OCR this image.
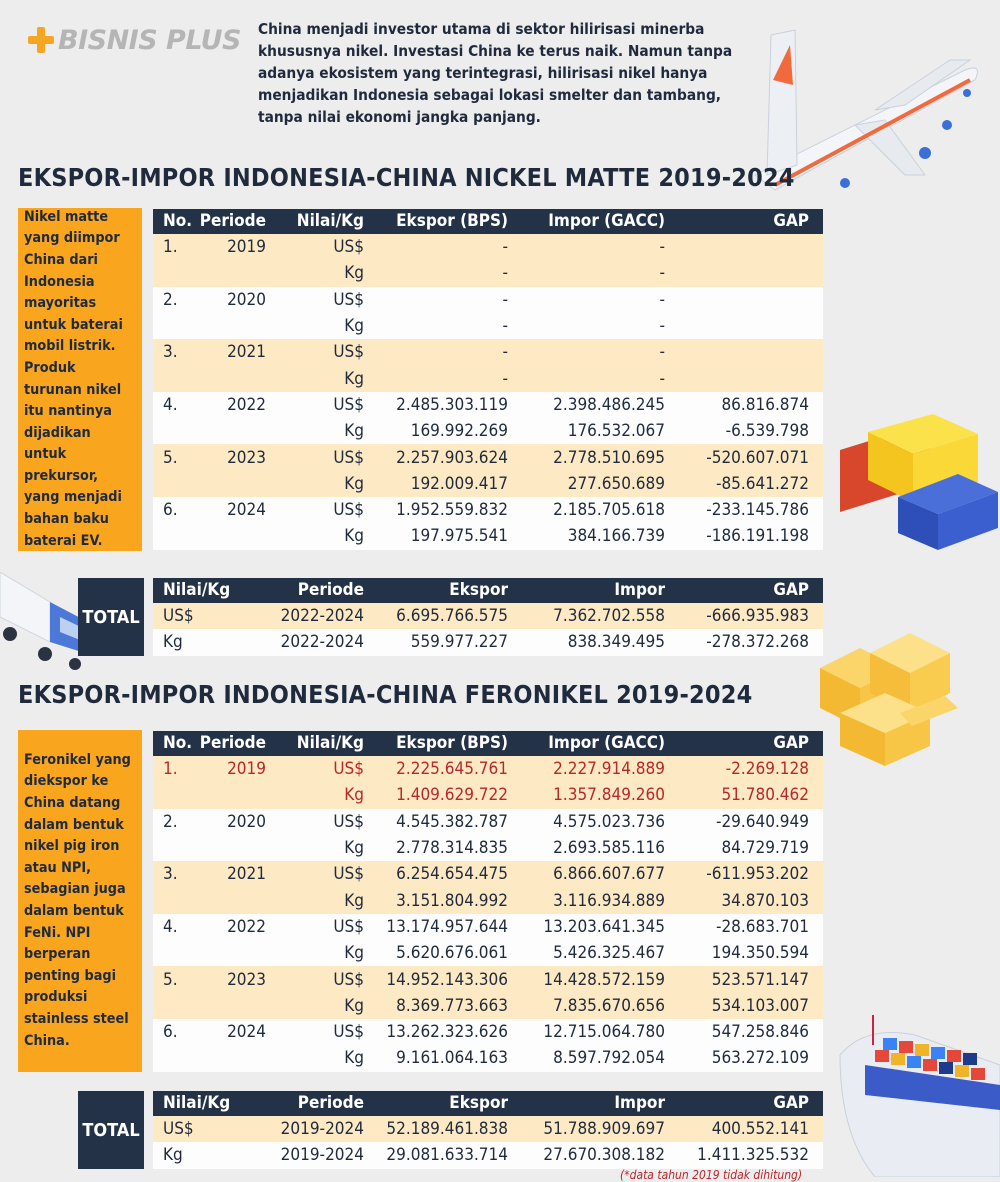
BISNIS PLUS China menjadi investor utama di sektor hilirisasi minerba khususnya nikel. Investasi China ke terus naik. Namun tanpa adanya ekosistem yang terintegrasi, hilirisasi nikel hanya menjadikan Indonesia sebagai lokasi smelter dan tambang, tanpa nilai ekonomi jangka panjang.
EKSPOR-IMPOR INDONESIA-CHINA NICKEL MATTE 2019-2024
Nikel matte yang diimpor China dari Indonesia mayoritas untuk baterai mobil listrik. Produk turunan nikel itu nantinya dijadikan untuk prekursor, yang menjadi bahan baku baterai EV.
No.	Periode	Nilai/Kg	Ekspor (BPS)	Impor (GACC)	GAP
1.	2019	US$	-	-	
		Kg	-	-	
2.	2020	US$	-	-	
		Kg	-	-	
3.	2021	US$	-	-	
		Kg	-	-	
4.	2022	US$	2.485.303.119	2.398.486.245	86.816.874
		Kg	169.992.269	176.532.067	-6.539.798
5.	2023	US$	2.257.903.624	2.778.510.695	-520.607.071
		Kg	192.009.417	277.650.689	-85.641.272
6.	2024	US$	1.952.559.832	2.185.705.618	-233.145.786
		Kg	197.975.541	384.166.739	-186.191.198
TOTAL
Nilai/Kg	Periode	Ekspor	Impor	GAP
US$	2022-2024	6.695.766.575	7.362.702.558	-666.935.983
Kg	2022-2024	559.977.227	838.349.495	-278.372.268
EKSPOR-IMPOR INDONESIA-CHINA FERONIKEL 2019-2024
Feronikel yang diekspor ke China datang dalam bentuk nikel pig iron atau NPI, sebagian juga dalam bentuk FeNi. NPI berperan penting bagi produksi stainless steel China.
No.	Periode	Nilai/Kg	Ekspor (BPS)	Impor (GACC)	GAP
1.	2019	US$	2.225.645.761	2.227.914.889	-2.269.128
		Kg	1.409.629.722	1.357.849.260	51.780.462
2.	2020	US$	4.545.382.787	4.575.023.736	-29.640.949
		Kg	2.778.314.835	2.693.585.116	84.729.719
3.	2021	US$	6.254.654.475	6.866.607.677	-611.953.202
		Kg	3.151.804.992	3.116.934.889	34.870.103
4.	2022	US$	13.174.957.644	13.203.641.345	-28.683.701
		Kg	5.620.676.061	5.426.325.467	194.350.594
5.	2023	US$	14.952.143.306	14.428.572.159	523.571.147
		Kg	8.369.773.663	7.835.670.656	534.103.007
6.	2024	US$	13.262.323.626	12.715.064.780	547.258.846
		Kg	9.161.064.163	8.597.792.054	563.272.109
TOTAL
Nilai/Kg	Periode	Ekspor	Impor	GAP
US$	2019-2024	52.189.461.838	51.788.909.697	400.552.141
Kg	2019-2024	29.081.633.714	27.670.308.182	1.411.325.532
(*data tahun 2019 tidak dihitung)
